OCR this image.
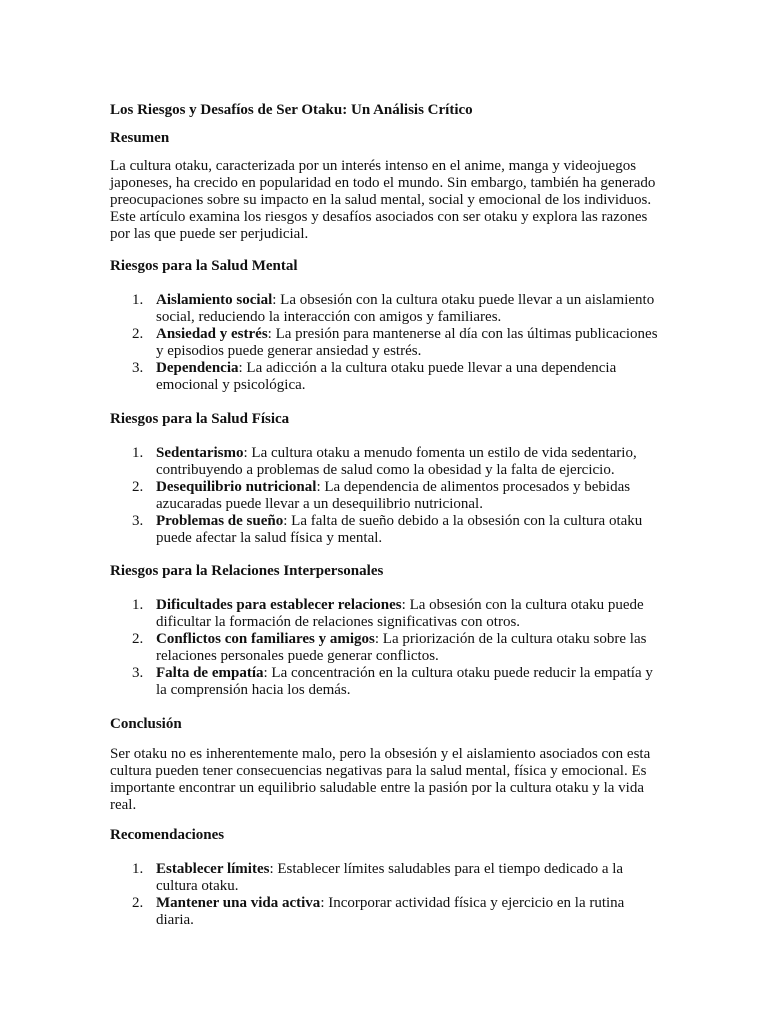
Los Riesgos y Desafíos de Ser Otaku: Un Análisis Crítico
Resumen

La cultura otaku, caracterizada por un interés intenso en el anime, manga y videojuegos japoneses, ha crecido en popularidad en todo el mundo. Sin embargo, también ha generado preocupaciones sobre su impacto en la salud mental, social y emocional de los individuos. Este artículo examina los riesgos y desafíos asociados con ser otaku y explora las razones por las que puede ser perjudicial.

Riesgos para la Salud Mental
1. Aislamiento social: La obsesión con la cultura otaku puede llevar a un aislamiento social, reduciendo la interacción con amigos y familiares.
2. Ansiedad y estrés: La presión para mantenerse al día con las últimas publicaciones y episodios puede generar ansiedad y estrés.
3. Dependencia: La adicción a la cultura otaku puede llevar a una dependencia emocional y psicológica.
Riesgos para la Salud Física
1. Sedentarismo: La cultura otaku a menudo fomenta un estilo de vida sedentario, contribuyendo a problemas de salud como la obesidad y la falta de ejercicio.
2. Desequilibrio nutricional: La dependencia de alimentos procesados y bebidas azucaradas puede llevar a un desequilibrio nutricional.
3. Problemas de sueño: La falta de sueño debido a la obsesión con la cultura otaku puede afectar la salud física y mental.
Riesgos para la Relaciones Interpersonales
1. Dificultades para establecer relaciones: La obsesión con la cultura otaku puede dificultar la formación de relaciones significativas con otros.
2. Conflictos con familiares y amigos: La priorización de la cultura otaku sobre las relaciones personales puede generar conflictos.
3. Falta de empatía: La concentración en la cultura otaku puede reducir la empatía y la comprensión hacia los demás.
Conclusión

Ser otaku no es inherentemente malo, pero la obsesión y el aislamiento asociados con esta cultura pueden tener consecuencias negativas para la salud mental, física y emocional. Es importante encontrar un equilibrio saludable entre la pasión por la cultura otaku y la vida real.

Recomendaciones
1. Establecer límites: Establecer límites saludables para el tiempo dedicado a la cultura otaku.
2. Mantener una vida activa: Incorporar actividad física y ejercicio en la rutina diaria.
